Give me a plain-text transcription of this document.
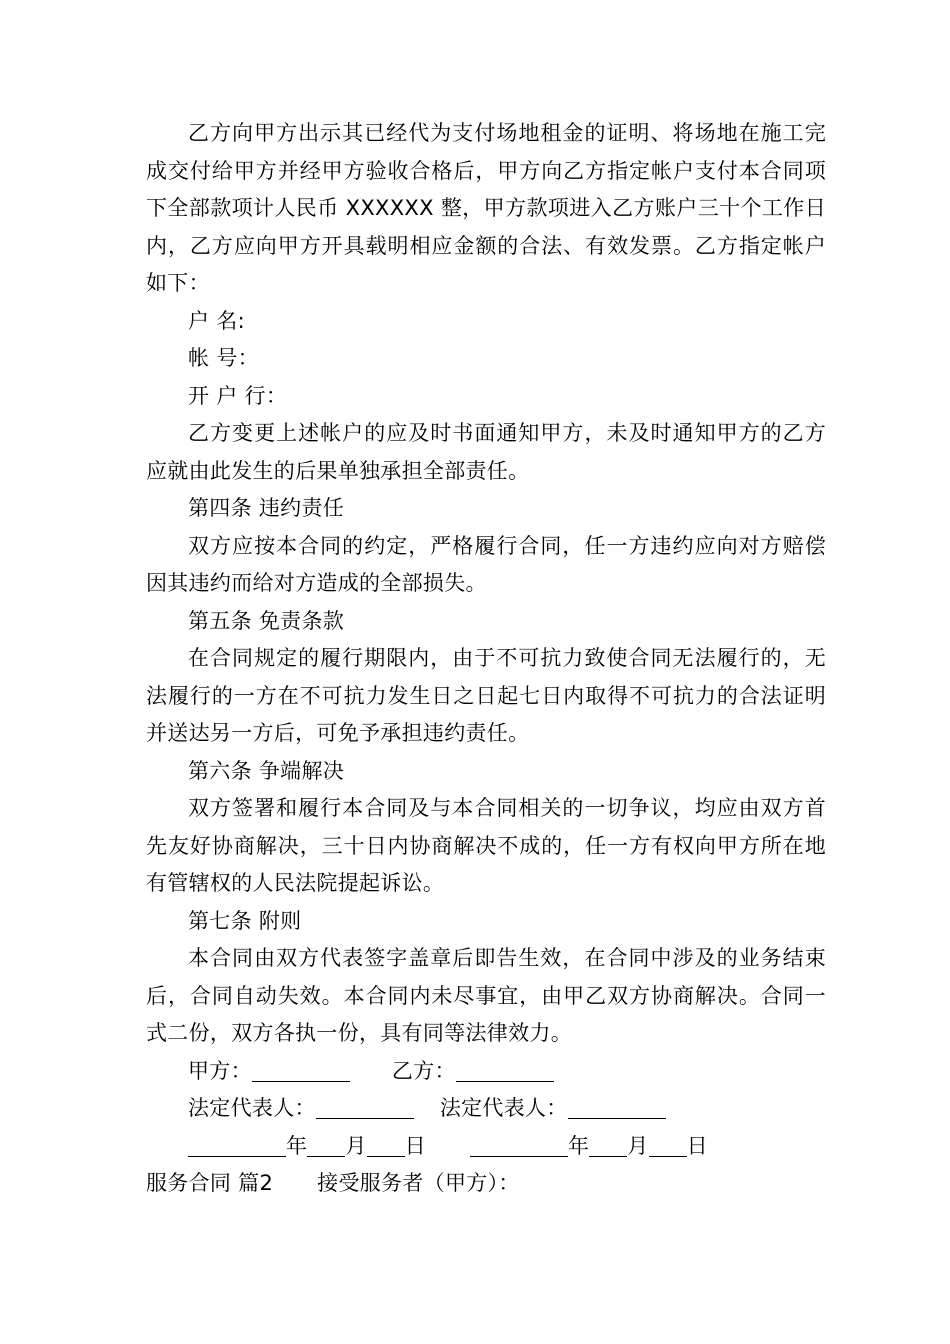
乙方向甲方出示其已经代为支付场地租金的证明、将场地在施工完成交付给甲方并经甲方验收合格后，甲方向乙方指定帐户支付本合同项下全部款项计人民币 XXXXXX 整，甲方款项进入乙方账户三十个工作日内，乙方应向甲方开具载明相应金额的合法、有效发票。乙方指定帐户如下：

户 名:

帐 号：

开 户 行：

乙方变更上述帐户的应及时书面通知甲方，未及时通知甲方的乙方应就由此发生的后果单独承担全部责任。

第四条 违约责任

双方应按本合同的约定，严格履行合同，任一方违约应向对方赔偿因其违约而给对方造成的全部损失。

第五条 免责条款

在合同规定的履行期限内，由于不可抗力致使合同无法履行的，无法履行的一方在不可抗力发生日之日起七日内取得不可抗力的合法证明并送达另一方后，可免予承担违约责任。

第六条 争端解决

双方签署和履行本合同及与本合同相关的一切争议，均应由双方首先友好协商解决，三十日内协商解决不成的，任一方有权向甲方所在地有管辖权的人民法院提起诉讼。

第七条 附则

本合同由双方代表签字盖章后即告生效，在合同中涉及的业务结束后，合同自动失效。本合同内未尽事宜，由甲乙双方协商解决。合同一式二份，双方各执一份，具有同等法律效力。

甲方：	乙方：

法定代表人：	法定代表人：

年 月 日	年 月 日

服务合同 篇2 接受服务者（甲方）：
